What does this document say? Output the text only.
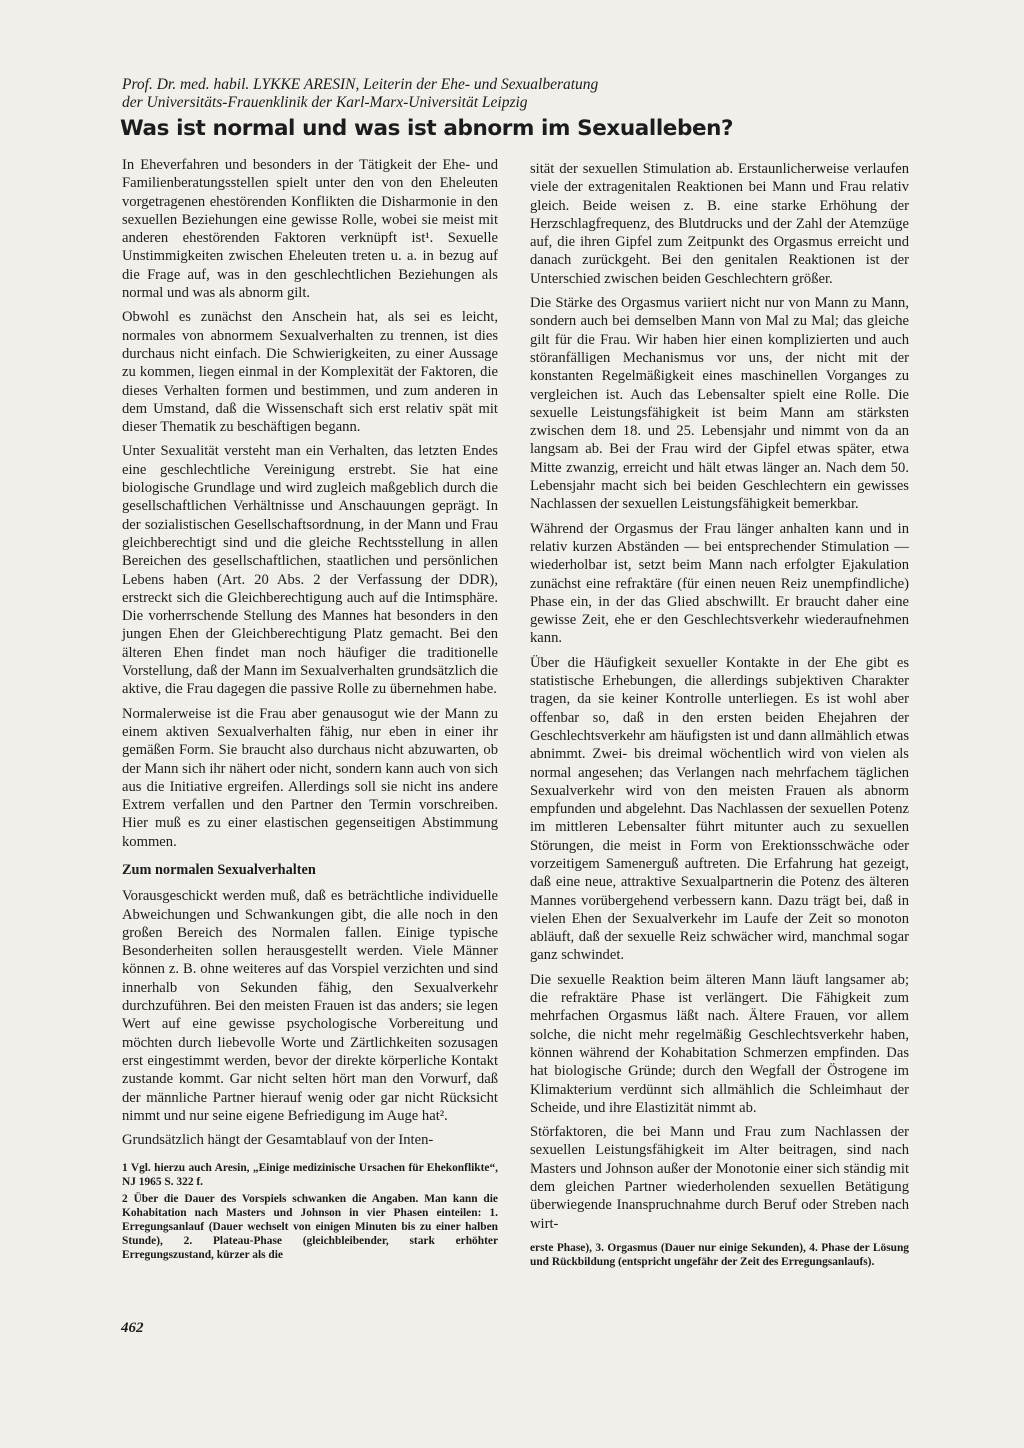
Prof. Dr. med. habil. LYKKE ARESIN, Leiterin der Ehe- und Sexualberatung

der Universitäts-Frauenklinik der Karl-Marx-Universität Leipzig

Was ist normal und was ist abnorm im Sexualleben?

In Eheverfahren und besonders in der Tätigkeit der Ehe- und Familienberatungsstellen spielt unter den von den Eheleuten vorgetragenen ehestörenden Konflikten die Disharmonie in den sexuellen Beziehungen eine gewisse Rolle, wobei sie meist mit anderen ehestörenden Faktoren verknüpft ist¹. Sexuelle Unstimmigkeiten zwischen Eheleuten treten u. a. in bezug auf die Frage auf, was in den geschlechtlichen Beziehungen als normal und was als abnorm gilt.

Obwohl es zunächst den Anschein hat, als sei es leicht, normales von abnormem Sexualverhalten zu trennen, ist dies durchaus nicht einfach. Die Schwierigkeiten, zu einer Aussage zu kommen, liegen einmal in der Komplexität der Faktoren, die dieses Verhalten formen und bestimmen, und zum anderen in dem Umstand, daß die Wissenschaft sich erst relativ spät mit dieser Thematik zu beschäftigen begann.

Unter Sexualität versteht man ein Verhalten, das letzten Endes eine geschlechtliche Vereinigung erstrebt. Sie hat eine biologische Grundlage und wird zugleich maßgeblich durch die gesellschaftlichen Verhältnisse und Anschauungen geprägt. In der sozialistischen Gesellschaftsordnung, in der Mann und Frau gleichberechtigt sind und die gleiche Rechtsstellung in allen Bereichen des gesellschaftlichen, staatlichen und persönlichen Lebens haben (Art. 20 Abs. 2 der Verfassung der DDR), erstreckt sich die Gleichberechtigung auch auf die Intimsphäre. Die vorherrschende Stellung des Mannes hat besonders in den jungen Ehen der Gleichberechtigung Platz gemacht. Bei den älteren Ehen findet man noch häufiger die traditionelle Vorstellung, daß der Mann im Sexualverhalten grundsätzlich die aktive, die Frau dagegen die passive Rolle zu übernehmen habe.

Normalerweise ist die Frau aber genausogut wie der Mann zu einem aktiven Sexualverhalten fähig, nur eben in einer ihr gemäßen Form. Sie braucht also durchaus nicht abzuwarten, ob der Mann sich ihr nähert oder nicht, sondern kann auch von sich aus die Initiative ergreifen. Allerdings soll sie nicht ins andere Extrem verfallen und den Partner den Termin vorschreiben. Hier muß es zu einer elastischen gegenseitigen Abstimmung kommen.

Zum normalen Sexualverhalten

Vorausgeschickt werden muß, daß es beträchtliche individuelle Abweichungen und Schwankungen gibt, die alle noch in den großen Bereich des Normalen fallen. Einige typische Besonderheiten sollen herausgestellt werden. Viele Männer können z. B. ohne weiteres auf das Vorspiel verzichten und sind innerhalb von Sekunden fähig, den Sexualverkehr durchzuführen. Bei den meisten Frauen ist das anders; sie legen Wert auf eine gewisse psychologische Vorbereitung und möchten durch liebevolle Worte und Zärtlichkeiten sozusagen erst eingestimmt werden, bevor der direkte körperliche Kontakt zustande kommt. Gar nicht selten hört man den Vorwurf, daß der männliche Partner hierauf wenig oder gar nicht Rücksicht nimmt und nur seine eigene Befriedigung im Auge hat².

Grundsätzlich hängt der Gesamtablauf von der Inten-

1 Vgl. hierzu auch Aresin, „Einige medizinische Ursachen für Ehekonflikte“, NJ 1965 S. 322 f.

2 Über die Dauer des Vorspiels schwanken die Angaben. Man kann die Kohabitation nach Masters und Johnson in vier Phasen einteilen: 1. Erregungsanlauf (Dauer wechselt von einigen Minuten bis zu einer halben Stunde), 2. Plateau-Phase (gleichbleibender, stark erhöhter Erregungszustand, kürzer als die

sität der sexuellen Stimulation ab. Erstaunlicherweise verlaufen viele der extragenitalen Reaktionen bei Mann und Frau relativ gleich. Beide weisen z. B. eine starke Erhöhung der Herzschlagfrequenz, des Blutdrucks und der Zahl der Atemzüge auf, die ihren Gipfel zum Zeitpunkt des Orgasmus erreicht und danach zurückgeht. Bei den genitalen Reaktionen ist der Unterschied zwischen beiden Geschlechtern größer.

Die Stärke des Orgasmus variiert nicht nur von Mann zu Mann, sondern auch bei demselben Mann von Mal zu Mal; das gleiche gilt für die Frau. Wir haben hier einen komplizierten und auch störanfälligen Mechanismus vor uns, der nicht mit der konstanten Regelmäßigkeit eines maschinellen Vorganges zu vergleichen ist. Auch das Lebensalter spielt eine Rolle. Die sexuelle Leistungsfähigkeit ist beim Mann am stärksten zwischen dem 18. und 25. Lebensjahr und nimmt von da an langsam ab. Bei der Frau wird der Gipfel etwas später, etwa Mitte zwanzig, erreicht und hält etwas länger an. Nach dem 50. Lebensjahr macht sich bei beiden Geschlechtern ein gewisses Nachlassen der sexuellen Leistungsfähigkeit bemerkbar.

Während der Orgasmus der Frau länger anhalten kann und in relativ kurzen Abständen — bei entsprechender Stimulation — wiederholbar ist, setzt beim Mann nach erfolgter Ejakulation zunächst eine refraktäre (für einen neuen Reiz unempfindliche) Phase ein, in der das Glied abschwillt. Er braucht daher eine gewisse Zeit, ehe er den Geschlechtsverkehr wiederaufnehmen kann.

Über die Häufigkeit sexueller Kontakte in der Ehe gibt es statistische Erhebungen, die allerdings subjektiven Charakter tragen, da sie keiner Kontrolle unterliegen. Es ist wohl aber offenbar so, daß in den ersten beiden Ehejahren der Geschlechtsverkehr am häufigsten ist und dann allmählich etwas abnimmt. Zwei- bis dreimal wöchentlich wird von vielen als normal angesehen; das Verlangen nach mehrfachem täglichen Sexualverkehr wird von den meisten Frauen als abnorm empfunden und abgelehnt. Das Nachlassen der sexuellen Potenz im mittleren Lebensalter führt mitunter auch zu sexuellen Störungen, die meist in Form von Erektionsschwäche oder vorzeitigem Samenerguß auftreten. Die Erfahrung hat gezeigt, daß eine neue, attraktive Sexualpartnerin die Potenz des älteren Mannes vorübergehend verbessern kann. Dazu trägt bei, daß in vielen Ehen der Sexualverkehr im Laufe der Zeit so monoton abläuft, daß der sexuelle Reiz schwächer wird, manchmal sogar ganz schwindet.

Die sexuelle Reaktion beim älteren Mann läuft langsamer ab; die refraktäre Phase ist verlängert. Die Fähigkeit zum mehrfachen Orgasmus läßt nach. Ältere Frauen, vor allem solche, die nicht mehr regelmäßig Geschlechtsverkehr haben, können während der Kohabitation Schmerzen empfinden. Das hat biologische Gründe; durch den Wegfall der Östrogene im Klimakterium verdünnt sich allmählich die Schleimhaut der Scheide, und ihre Elastizität nimmt ab.

Störfaktoren, die bei Mann und Frau zum Nachlassen der sexuellen Leistungsfähigkeit im Alter beitragen, sind nach Masters und Johnson außer der Monotonie einer sich ständig mit dem gleichen Partner wiederholenden sexuellen Betätigung überwiegende Inanspruchnahme durch Beruf oder Streben nach wirt-

erste Phase), 3. Orgasmus (Dauer nur einige Sekunden), 4. Phase der Lösung und Rückbildung (entspricht ungefähr der Zeit des Erregungsanlaufs).

462
